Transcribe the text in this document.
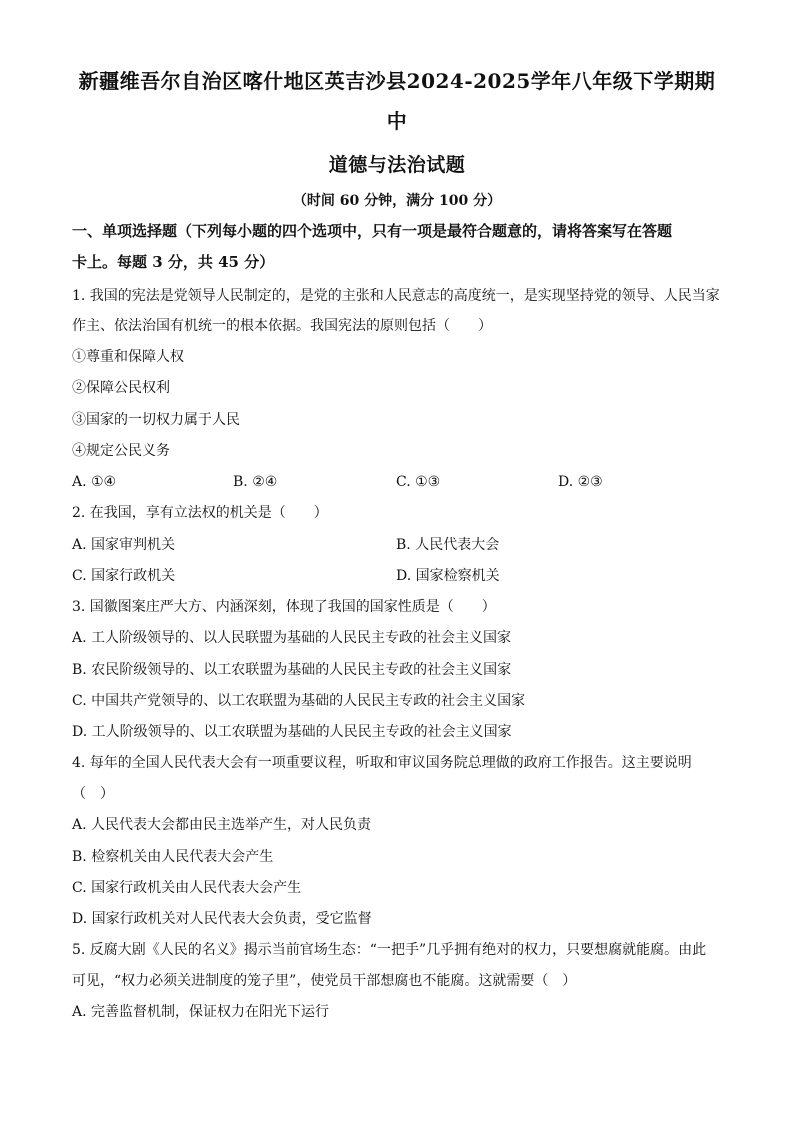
新疆维吾尔自治区喀什地区英吉沙县2024-2025学年八年级下学期期
中
道德与法治试题
（时间 60 分钟，满分 100 分）
一、单项选择题（下列每小题的四个选项中，只有一项是最符合题意的，请将答案写在答题
卡上。每题 3 分，共 45 分）
1. 我国的宪法是党领导人民制定的，是党的主张和人民意志的高度统一，是实现坚持党的领导、人民当家
作主、依法治国有机统一的根本依据。我国宪法的原则包括（　　）
①尊重和保障人权
②保障公民权利
③国家的一切权力属于人民
④规定公民义务
A. ①④	B. ②④	C. ①③	D. ②③
2. 在我国，享有立法权的机关是（　　）
A. 国家审判机关	B. 人民代表大会
C. 国家行政机关	D. 国家检察机关
3. 国徽图案庄严大方、内涵深刻，体现了我国的国家性质是（　　）
A. 工人阶级领导的、以人民联盟为基础的人民民主专政的社会主义国家
B. 农民阶级领导的、以工农联盟为基础的人民民主专政的社会主义国家
C. 中国共产党领导的、以工农联盟为基础的人民民主专政的社会主义国家
D. 工人阶级领导的、以工农联盟为基础的人民民主专政的社会主义国家
4. 每年的全国人民代表大会有一项重要议程，听取和审议国务院总理做的政府工作报告。这主要说明
（　）
A. 人民代表大会都由民主选举产生，对人民负责
B. 检察机关由人民代表大会产生
C. 国家行政机关由人民代表大会产生
D. 国家行政机关对人民代表大会负责，受它监督
5. 反腐大剧《人民的名义》揭示当前官场生态：“一把手”几乎拥有绝对的权力，只要想腐就能腐。由此
可见，“权力必须关进制度的笼子里”，使党员干部想腐也不能腐。这就需要（　）
A. 完善监督机制，保证权力在阳光下运行
